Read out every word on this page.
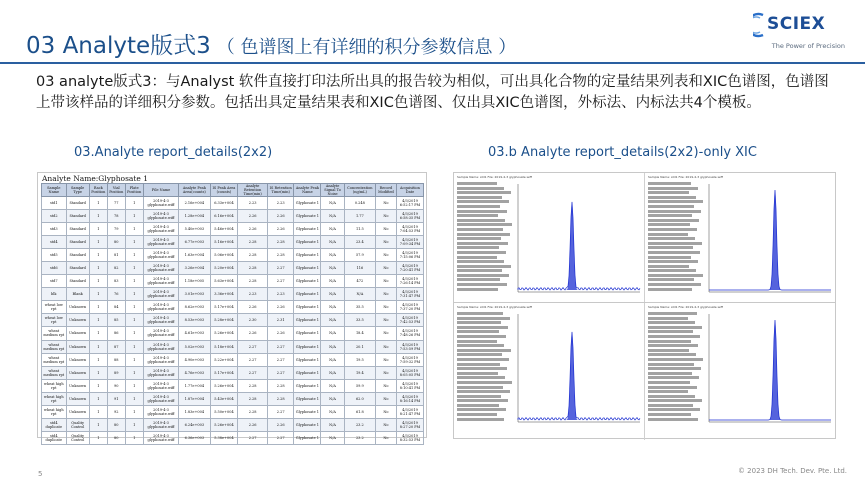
03 Analyte版式3 （ 色谱图上有详细的积分参数信息 ）
SCIEX
The Power of Precision
03 analyte版式3：与Analyst 软件直接打印法所出具的报告较为相似，可出具化合物的定量结果列表和XIC色谱图，色谱图上带该样品的详细积分参数。包括出具定量结果表和XIC色谱图、仅出具XIC色谱图，外标法、内标法共4个模板。
03.Analyte report_details(2x2)	03.b Analyte report_details(2x2)-only XIC
Analyte Name:Glyphosate 1
Sample Name	Sample Type	Rack Position	Vial Position	Plate Position	File Name	Analyte Peak Area(counts)	IS Peak Area (counts)	Analyte Retention Time(min)	IS Retention Time(min)	Analyte Peak Name	Analyte Signal To Noise	Concentration (ng/mL)	Record Modified	Acquisition Date
std1	Standard	1	77	1	2019-4-3 glyphosate.wiff	2.16e+004	6.33e+004	2.23	2.23	Glyphosate 1	N/A	0.248	No	4/3/2019 6:52:17 PM
std2	Standard	1	78	1	2019-4-3 glyphosate.wiff	1.28e+004	6.16e+004	2.26	2.26	Glyphosate 1	N/A	1.77	No	4/3/2019 6:58:35 PM
std3	Standard	1	79	1	2019-4-3 glyphosate.wiff	5.40e+003	5.46e+004	2.26	2.26	Glyphosate 1	N/A	11.5	No	4/3/2019 7:04:53 PM
std4	Standard	1	80	1	2019-4-3 glyphosate.wiff	6.77e+003	5.16e+004	2.28	2.28	Glyphosate 1	N/A	23.4	No	4/3/2019 7:09:34 PM
std5	Standard	1	81	1	2019-4-3 glyphosate.wiff	1.63e+004	5.06e+004	2.28	2.28	Glyphosate 1	N/A	57.9	No	4/3/2019 7:15:06 PM
std6	Standard	1	82	1	2019-4-3 glyphosate.wiff	3.26e+004	5.20e+004	2.28	2.27	Glyphosate 1	N/A	116	No	4/3/2019 7:20:41 PM
std7	Standard	1	83	1	2019-4-3 glyphosate.wiff	1.18e+005	5.63e+004	2.28	2.27	Glyphosate 1	N/A	472	No	4/3/2019 7:26:14 PM
blk	Blank	1	76	1	2019-4-3 glyphosate.wiff	3.01e+003	3.36e+004	2.23	2.23	Glyphosate 1	N/A	N/A	No	4/3/2019 7:31:47 PM
wheat low rpt	Unknown	1	84	1	2019-4-3 glyphosate.wiff	8.62e+003	5.17e+004	2.26	2.26	Glyphosate 1	N/A	35.5	No	4/3/2019 7:37:20 PM
wheat low rpt	Unknown	1	85	1	2019-4-3 glyphosate.wiff	8.53e+003	5.28e+004	2.30	2.31	Glyphosate 1	N/A	33.5	No	4/3/2019 7:42:53 PM
wheat medium rpt	Unknown	1	86	1	2019-4-3 glyphosate.wiff	4.61e+003	5.26e+004	2.26	2.26	Glyphosate 1	N/A	18.4	No	4/3/2019 7:48:26 PM
wheat medium rpt	Unknown	1	87	1	2019-4-3 glyphosate.wiff	5.02e+003	5.18e+004	2.27	2.27	Glyphosate 1	N/A	20.1	No	4/3/2019 7:53:59 PM
wheat medium rpt	Unknown	1	88	1	2019-4-3 glyphosate.wiff	4.90e+003	5.22e+004	2.27	2.27	Glyphosate 1	N/A	19.5	No	4/3/2019 7:59:32 PM
wheat medium rpt	Unknown	1	89	1	2019-4-3 glyphosate.wiff	4.76e+003	5.17e+004	2.27	2.27	Glyphosate 1	N/A	19.4	No	4/3/2019 8:05:05 PM
wheat high rpt	Unknown	1	90	1	2019-4-3 glyphosate.wiff	1.77e+004	5.26e+004	2.28	2.28	Glyphosate 1	N/A	59.9	No	4/3/2019 8:10:41 PM
wheat high rpt	Unknown	1	91	1	2019-4-3 glyphosate.wiff	1.87e+004	5.43e+004	2.28	2.28	Glyphosate 1	N/A	62.0	No	4/3/2019 8:16:14 PM
wheat high rpt	Unknown	1	92	1	2019-4-3 glyphosate.wiff	1.83e+004	5.50e+004	2.28	2.27	Glyphosate 1	N/A	61.8	No	4/3/2019 8:21:47 PM
std4 duplicate	Quality Control	1	80	1	2019-4-3 glyphosate.wiff	6.24e+003	5.26e+004	2.26	2.26	Glyphosate 1	N/A	23.2	No	4/3/2019 8:27:20 PM
std4 duplicate	Quality Control	1	80	1	2019-4-3 glyphosate.wiff	6.36e+003	5.38e+004	2.27	2.27	Glyphosate 1	N/A	23.2	No	4/3/2019 8:32:53 PM
Sample Name: std1 File: 2019-4-3 glyphosate.wiff	Sample Name: std1 File: 2019-4-3 glyphosate.wiff
Sample Name: std1 File: 2019-4-3 glyphosate.wiff	Sample Name: std1 File: 2019-4-3 glyphosate.wiff
5	© 2023 DH Tech. Dev. Pte. Ltd.
